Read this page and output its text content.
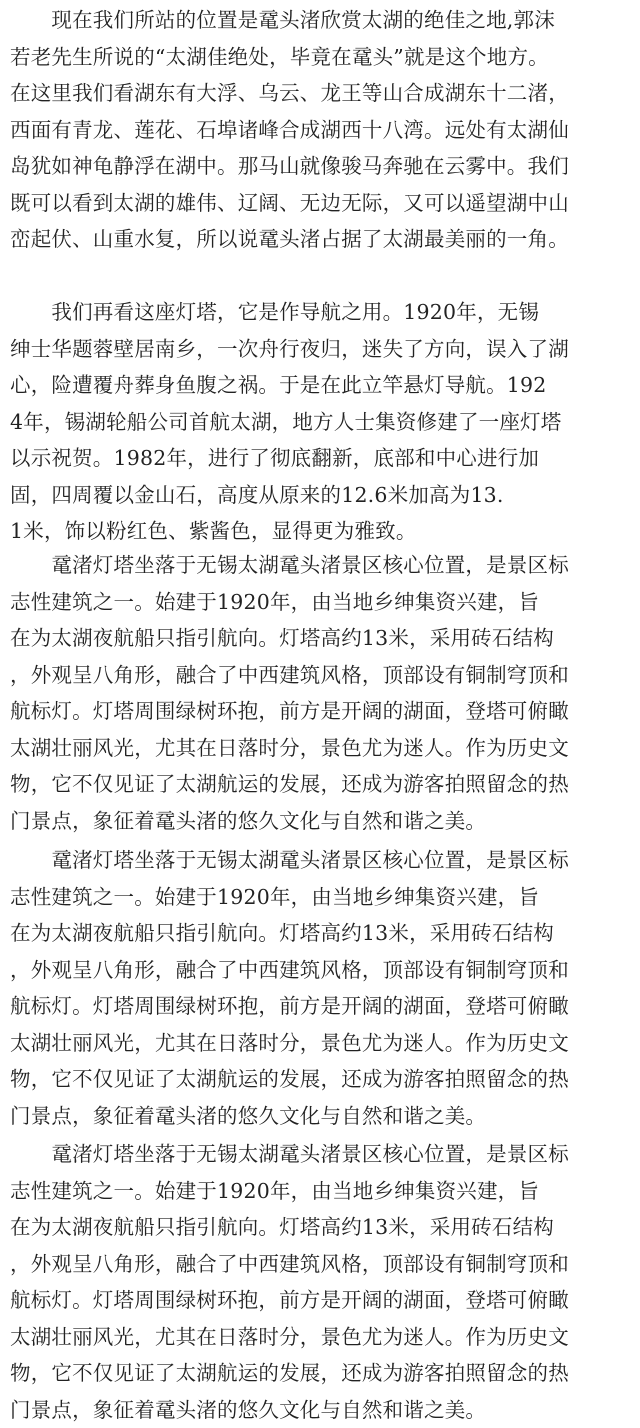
　　现在我们所站的位置是鼋头渚欣赏太湖的绝佳之地,郭沫
若老先生所说的“太湖佳绝处，毕竟在鼋头”就是这个地方。
在这里我们看湖东有大浮、乌云、龙王等山合成湖东十二渚，
西面有青龙、莲花、石埠诸峰合成湖西十八湾。远处有太湖仙
岛犹如神龟静浮在湖中。那马山就像骏马奔驰在云雾中。我们
既可以看到太湖的雄伟、辽阔、无边无际，又可以遥望湖中山
峦起伏、山重水复，所以说鼋头渚占据了太湖最美丽的一角。

　　我们再看这座灯塔，它是作导航之用。1920年，无锡
绅士华题蓉壁居南乡，一次舟行夜归，迷失了方向，误入了湖
心，险遭覆舟葬身鱼腹之祸。于是在此立竿悬灯导航。192
4年，锡湖轮船公司首航太湖，地方人士集资修建了一座灯塔
以示祝贺。1982年，进行了彻底翻新，底部和中心进行加
固，四周覆以金山石，高度从原来的12.6米加高为13.
1米，饰以粉红色、紫酱色，显得更为雅致。

　　鼋渚灯塔坐落于无锡太湖鼋头渚景区核心位置，是景区标
志性建筑之一。始建于1920年，由当地乡绅集资兴建，旨
在为太湖夜航船只指引航向。灯塔高约13米，采用砖石结构
，外观呈八角形，融合了中西建筑风格，顶部设有铜制穹顶和
航标灯。灯塔周围绿树环抱，前方是开阔的湖面，登塔可俯瞰
太湖壮丽风光，尤其在日落时分，景色尤为迷人。作为历史文
物，它不仅见证了太湖航运的发展，还成为游客拍照留念的热
门景点，象征着鼋头渚的悠久文化与自然和谐之美。

　　鼋渚灯塔坐落于无锡太湖鼋头渚景区核心位置，是景区标
志性建筑之一。始建于1920年，由当地乡绅集资兴建，旨
在为太湖夜航船只指引航向。灯塔高约13米，采用砖石结构
，外观呈八角形，融合了中西建筑风格，顶部设有铜制穹顶和
航标灯。灯塔周围绿树环抱，前方是开阔的湖面，登塔可俯瞰
太湖壮丽风光，尤其在日落时分，景色尤为迷人。作为历史文
物，它不仅见证了太湖航运的发展，还成为游客拍照留念的热
门景点，象征着鼋头渚的悠久文化与自然和谐之美。

　　鼋渚灯塔坐落于无锡太湖鼋头渚景区核心位置，是景区标
志性建筑之一。始建于1920年，由当地乡绅集资兴建，旨
在为太湖夜航船只指引航向。灯塔高约13米，采用砖石结构
，外观呈八角形，融合了中西建筑风格，顶部设有铜制穹顶和
航标灯。灯塔周围绿树环抱，前方是开阔的湖面，登塔可俯瞰
太湖壮丽风光，尤其在日落时分，景色尤为迷人。作为历史文
物，它不仅见证了太湖航运的发展，还成为游客拍照留念的热
门景点，象征着鼋头渚的悠久文化与自然和谐之美。
